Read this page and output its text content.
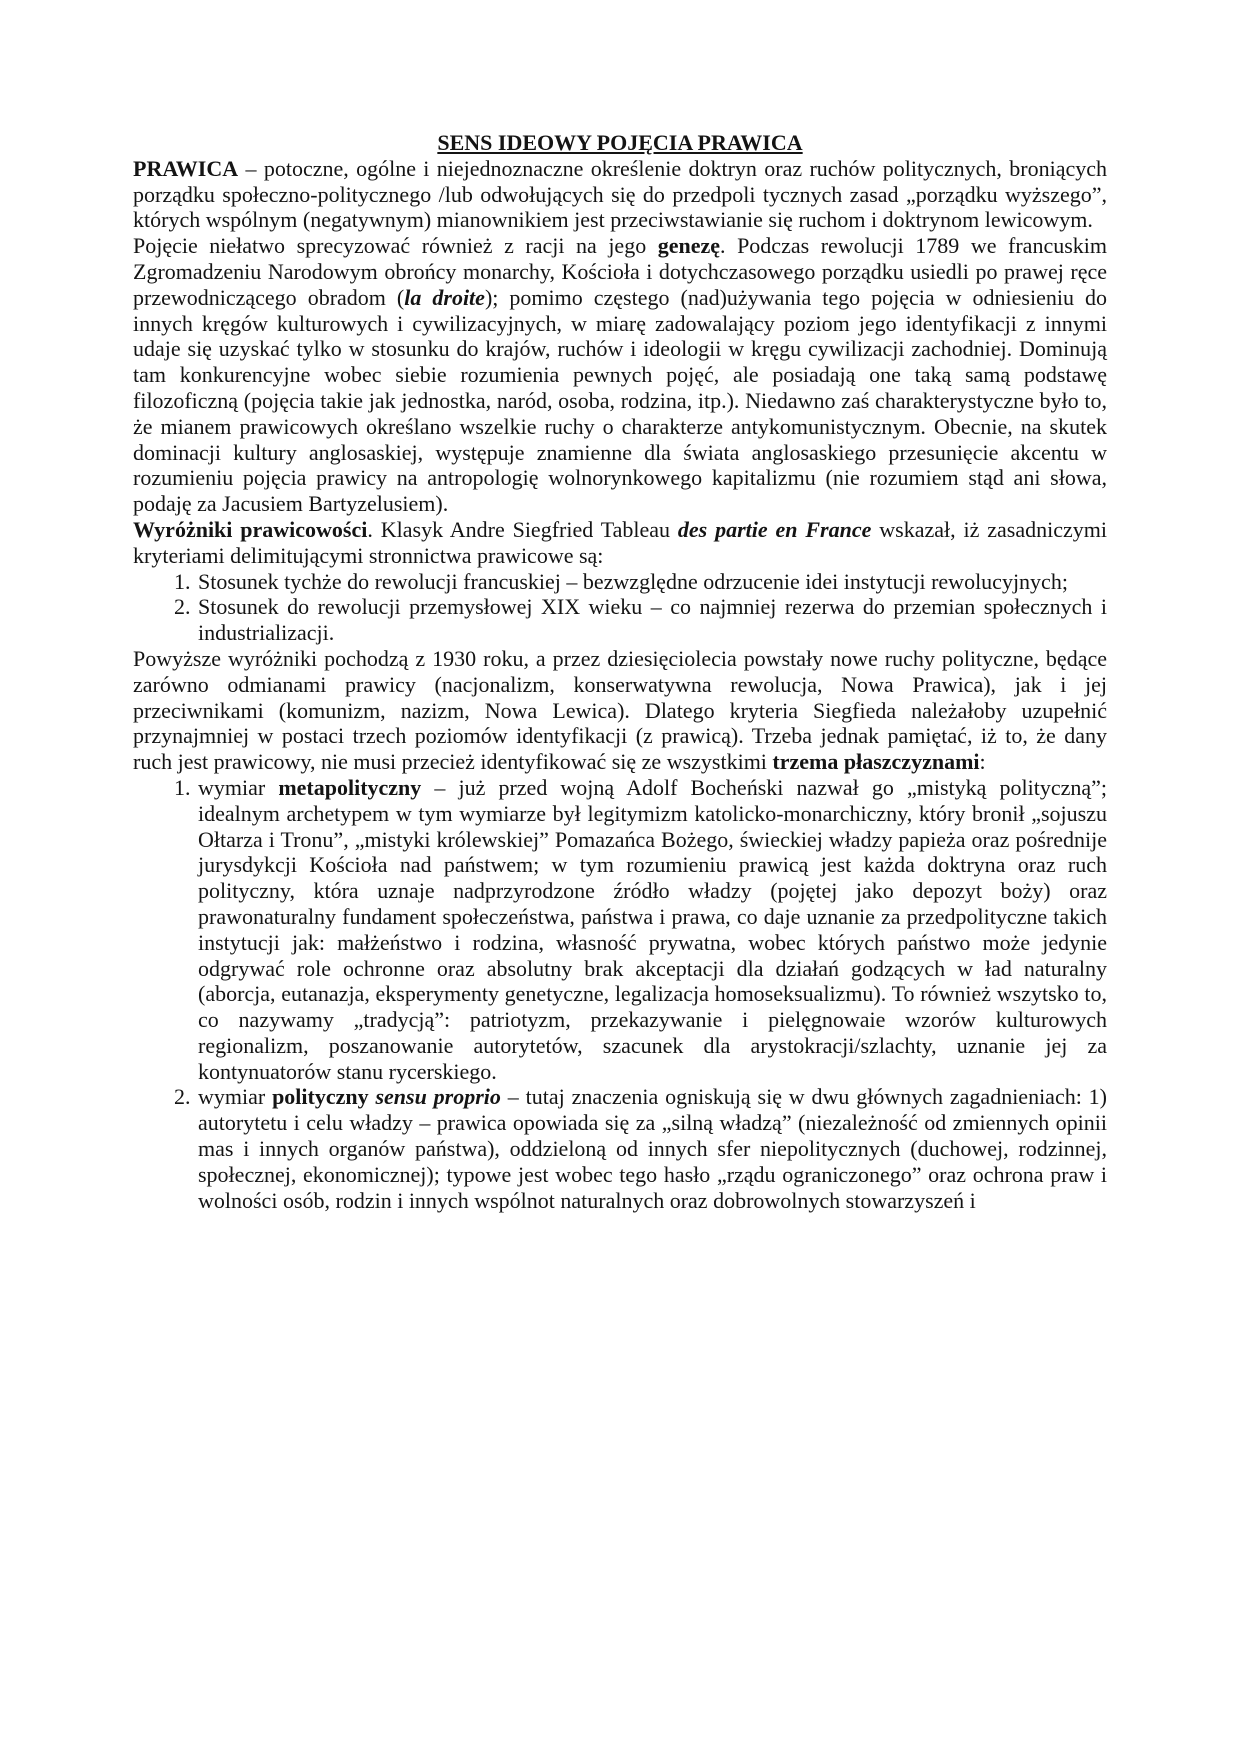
SENS IDEOWY POJĘCIA PRAWICA

PRAWICA – potoczne, ogólne i niejednoznaczne określenie doktryn oraz ruchów politycznych, broniących porządku społeczno-politycznego /lub odwołujących się do przedpoli tycznych zasad „porządku wyższego”, których wspólnym (negatywnym) mianownikiem jest przeciwstawianie się ruchom i doktrynom lewicowym.

Pojęcie niełatwo sprecyzować również z racji na jego genezę. Podczas rewolucji 1789 we francuskim Zgromadzeniu Narodowym obrońcy monarchy, Kościoła i dotychczasowego porządku usiedli po prawej ręce przewodniczącego obradom (la droite); pomimo częstego (nad)używania tego pojęcia w odniesieniu do innych kręgów kulturowych i cywilizacyjnych, w miarę zadowalający poziom jego identyfikacji z innymi udaje się uzyskać tylko w stosunku do krajów, ruchów i ideologii w kręgu cywilizacji zachodniej. Dominują tam konkurencyjne wobec siebie rozumienia pewnych pojęć, ale posiadają one taką samą podstawę filozoficzną (pojęcia takie jak jednostka, naród, osoba, rodzina, itp.). Niedawno zaś charakterystyczne było to, że mianem prawicowych określano wszelkie ruchy o charakterze antykomunistycznym. Obecnie, na skutek dominacji kultury anglosaskiej, występuje znamienne dla świata anglosaskiego przesunięcie akcentu w rozumieniu pojęcia prawicy na antropologię wolnorynkowego kapitalizmu (nie rozumiem stąd ani słowa, podaję za Jacusiem Bartyzelusiem).

Wyróżniki prawicowości. Klasyk Andre Siegfried Tableau des partie en France wskazał, iż zasadniczymi kryteriami delimitującymi stronnictwa prawicowe są:

1. Stosunek tychże do rewolucji francuskiej – bezwzględne odrzucenie idei instytucji rewolucyjnych;
2. Stosunek do rewolucji przemysłowej XIX wieku – co najmniej rezerwa do przemian społecznych i industrializacji.

Powyższe wyróżniki pochodzą z 1930 roku, a przez dziesięciolecia powstały nowe ruchy polityczne, będące zarówno odmianami prawicy (nacjonalizm, konserwatywna rewolucja, Nowa Prawica), jak i jej przeciwnikami (komunizm, nazizm, Nowa Lewica). Dlatego kryteria Siegfieda należałoby uzupełnić przynajmniej w postaci trzech poziomów identyfikacji (z prawicą). Trzeba jednak pamiętać, iż to, że dany ruch jest prawicowy, nie musi przecież identyfikować się ze wszystkimi trzema płaszczyznami:

1. wymiar metapolityczny – już przed wojną Adolf Bocheński nazwał go „mistyką polityczną”; idealnym archetypem w tym wymiarze był legitymizm katolicko-monarchiczny, który bronił „sojuszu Ołtarza i Tronu”, „mistyki królewskiej” Pomazańca Bożego, świeckiej władzy papieża oraz pośrednije jurysdykcji Kościoła nad państwem; w tym rozumieniu prawicą jest każda doktryna oraz ruch polityczny, która uznaje nadprzyrodzone źródło władzy (pojętej jako depozyt boży) oraz prawonaturalny fundament społeczeństwa, państwa i prawa, co daje uznanie za przedpolityczne takich instytucji jak: małżeństwo i rodzina, własność prywatna, wobec których państwo może jedynie odgrywać role ochronne oraz absolutny brak akceptacji dla działań godzących w ład naturalny (aborcja, eutanazja, eksperymenty genetyczne, legalizacja homoseksualizmu). To również wszytsko to, co nazywamy „tradycją”: patriotyzm, przekazywanie i pielęgnowaie wzorów kulturowych regionalizm, poszanowanie autorytetów, szacunek dla arystokracji/szlachty, uznanie jej za kontynuatorów stanu rycerskiego.
2. wymiar polityczny sensu proprio – tutaj znaczenia ogniskują się w dwu głównych zagadnieniach: 1) autorytetu i celu władzy – prawica opowiada się za „silną władzą” (niezależność od zmiennych opinii mas i innych organów państwa), oddzieloną od innych sfer niepolitycznych (duchowej, rodzinnej, społecznej, ekonomicznej); typowe jest wobec tego hasło „rządu ograniczonego” oraz ochrona praw i wolności osób, rodzin i innych wspólnot naturalnych oraz dobrowolnych stowarzyszeń i
